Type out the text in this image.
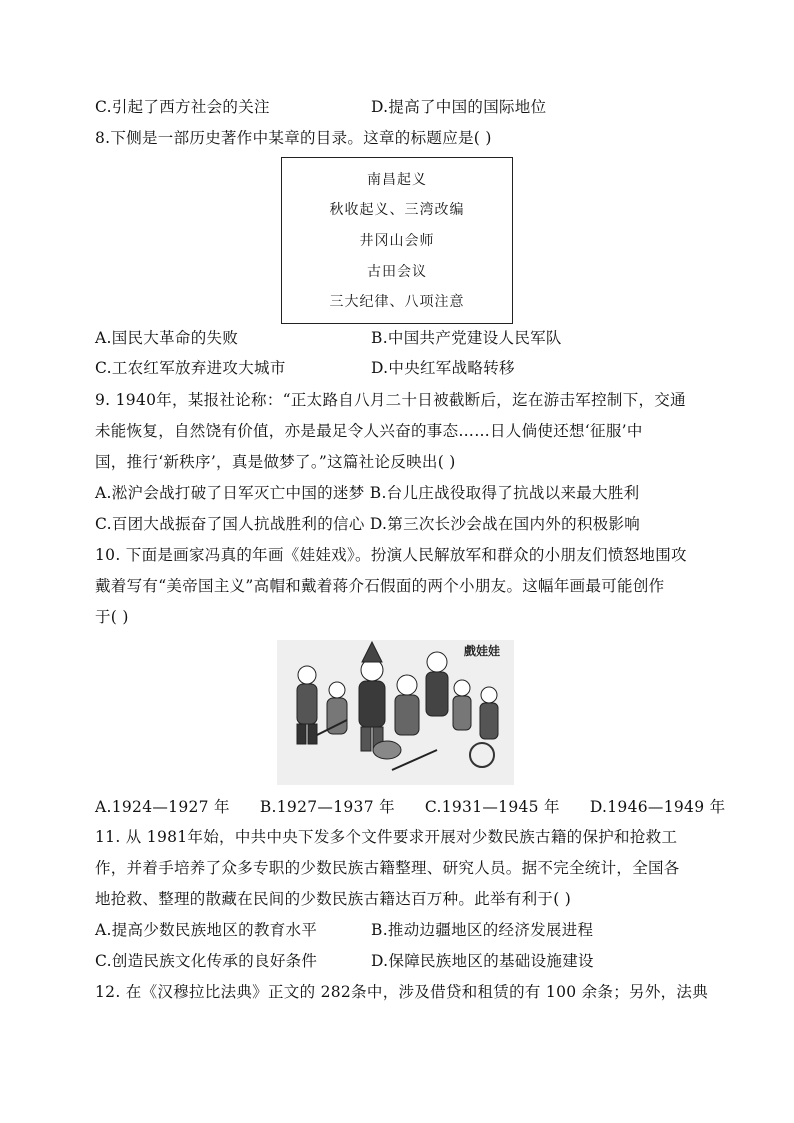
C.引起了西方社会的关注	D.提高了中国的国际地位
8.下侧是一部历史著作中某章的目录。这章的标题应是( )
南昌起义
秋收起义、三湾改编
井冈山会师
古田会议
三大纪律、八项注意
A.国民大革命的失败	B.中国共产党建设人民军队
C.工农红军放弃进攻大城市	D.中央红军战略转移
9. 1940年，某报社论称：“正太路自八月二十日被截断后，迄在游击军控制下，交通
未能恢复，自然饶有价值，亦是最足令人兴奋的事态……日人倘使还想‘征服’中
国，推行‘新秩序’，真是做梦了。”这篇社论反映出( )
A.淞沪会战打破了日军灭亡中国的迷梦 B.台儿庄战役取得了抗战以来最大胜利
C.百团大战振奋了国人抗战胜利的信心 D.第三次长沙会战在国内外的积极影响
10. 下面是画家冯真的年画《娃娃戏》。扮演人民解放军和群众的小朋友们愤怒地围攻
戴着写有“美帝国主义”高帽和戴着蒋介石假面的两个小朋友。这幅年画最可能创作
于( )
戲娃娃
A.1924—1927 年 B.1927—1937 年 C.1931—1945 年 D.1946—1949 年
11. 从 1981年始，中共中央下发多个文件要求开展对少数民族古籍的保护和抢救工
作，并着手培养了众多专职的少数民族古籍整理、研究人员。据不完全统计，全国各
地抢救、整理的散藏在民间的少数民族古籍达百万种。此举有利于( )
A.提高少数民族地区的教育水平	B.推动边疆地区的经济发展进程
C.创造民族文化传承的良好条件	D.保障民族地区的基础设施建设
12. 在《汉穆拉比法典》正文的 282条中，涉及借贷和租赁的有 100 余条；另外，法典
